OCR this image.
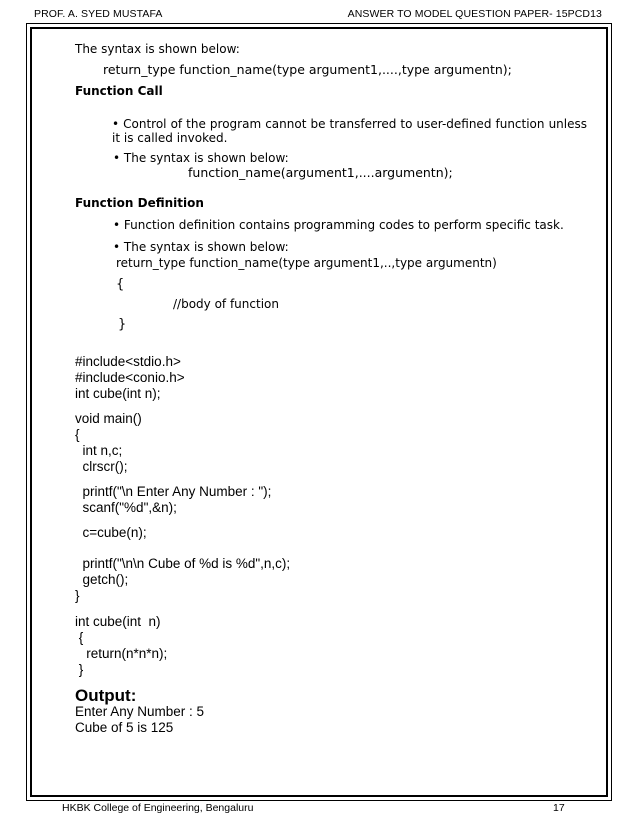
PROF. A. SYED MUSTAFA	ANSWER TO MODEL QUESTION PAPER- 15PCD13
The syntax is shown below:
return_type function_name(type argument1,....,type argumentn);
Function Call
• Control of the program cannot be transferred to user-defined function unless it is called invoked.
• The syntax is shown below:
function_name(argument1,....argumentn);
Function Definition
• Function definition contains programming codes to perform specific task.
• The syntax is shown below:
return_type function_name(type argument1,..,type argumentn)
{
//body of function
}
#include<stdio.h>
#include<conio.h>
int cube(int n);
void main()
{
int n,c;
clrscr();
printf("\n Enter Any Number : ");
scanf("%d",&n);
c=cube(n);
printf("\n\n Cube of %d is %d",n,c);
getch();
}
int cube(int  n)
{
return(n*n*n);
}
Output:
Enter Any Number : 5
Cube of 5 is 125
HKBK College of Engineering, Bengaluru	17
